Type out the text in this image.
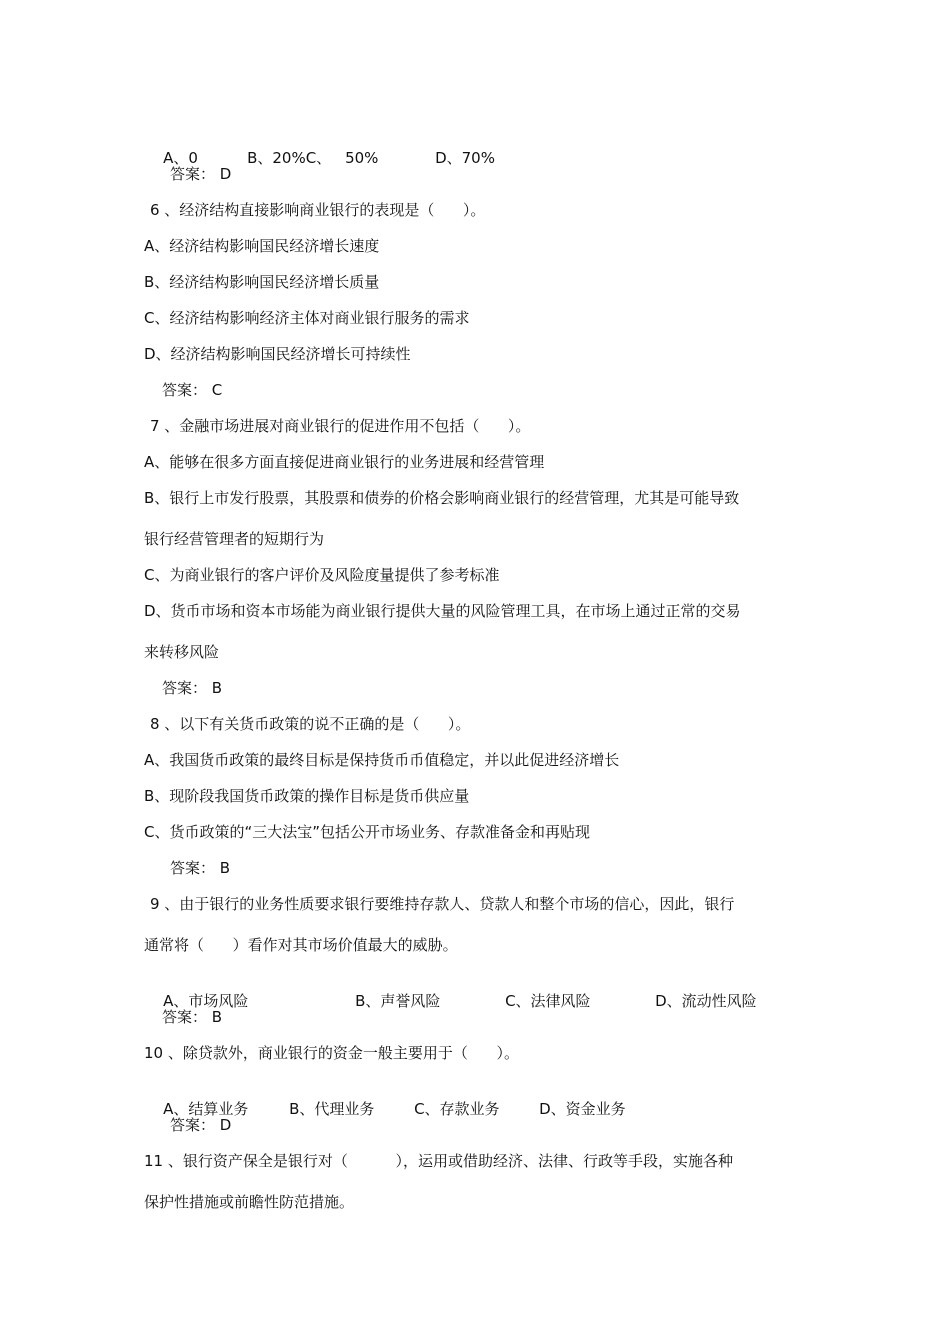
A、0	B、20%C、 50%	D、70%

答案： D
6 、经济结构直接影响商业银行的表现是（      ）。
A、经济结构影响国民经济增长速度
B、经济结构影响国民经济增长质量
C、经济结构影响经济主体对商业银行服务的需求
D、经济结构影响国民经济增长可持续性
答案： C
7 、金融市场进展对商业银行的促进作用不包括（      ）。
A、能够在很多方面直接促进商业银行的业务进展和经营管理
B、银行上市发行股票，其股票和债券的价格会影响商业银行的经营管理，尤其是可能导致
银行经营管理者的短期行为
C、为商业银行的客户评价及风险度量提供了参考标准
D、货币市场和资本市场能为商业银行提供大量的风险管理工具，在市场上通过正常的交易
来转移风险
答案： B
8 、以下有关货币政策的说不正确的是（      ）。
A、我国货币政策的最终目标是保持货币币值稳定，并以此促进经济增长
B、现阶段我国货币政策的操作目标是货币供应量
C、货币政策的“三大法宝”包括公开市场业务、存款准备金和再贴现
答案： B
9 、由于银行的业务性质要求银行要维持存款人、贷款人和整个市场的信心，因此，银行
通常将（      ）看作对其市场价值最大的威胁。

A、市场风险	B、声誉风险	C、法律风险	D、流动性风险

答案： B
10 、除贷款外，商业银行的资金一般主要用于（      ）。

A、结算业务	B、代理业务	C、存款业务	D、资金业务

答案： D
11 、银行资产保全是银行对（          ），运用或借助经济、法律、行政等手段，实施各种
保护性措施或前瞻性防范措施。
